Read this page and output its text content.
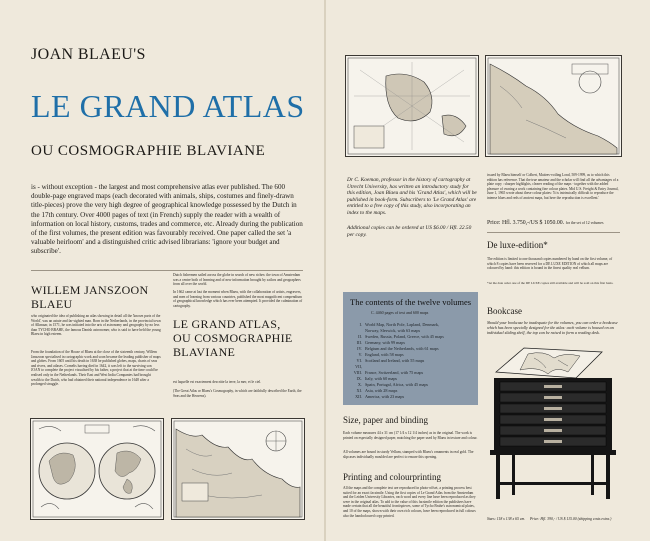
JOAN BLAEU'S
LE GRAND ATLAS
OU COSMOGRAPHIE BLAVIANE
is - without exception - the largest and most comprehensive atlas ever published. The 600 double-page engraved maps (each decorated with animals, ships, costumes and finely-drawn title-pieces) prove the very high degree of geographical knowledge possessed by the Dutch in the 17th century. Over 4000 pages of text (in French) supply the reader with a wealth of information on local history, customs, trades and commerce, etc. Already during the publication of the first volumes, the present edition was favourably received. One paper called the set 'a valuable heirloom' and a distinguished critic advised librarians: 'ignore your budget and subscribe'.
WILLEM JANSZOON
BLAEU
who originated the idea of publishing an atlas showing in detail all the 'known parts of the World', was an astute and far-sighted man. Born in the Netherlands, in the provincial town of Alkmaar, in 1571, he was initiated into the arts of astronomy and geography by no less than TYCHO BRAHE, the famous Danish astronomer, who is said to have held the young Blaeu in high esteem.
From the foundation of the House of Blaeu at the close of the sixteenth century, Willem Janszoon specialised in cartographic work and soon became the leading publisher of maps and globes. From 1605 until his death in 1638 he published globes, maps, charts of seas and rivers, and atlases. Cornelis having died in 1642, it was left to the surviving son JOAN to complete the project visualised by his father, a project that at the time could be realised only in the Netherlands. Their East and West India Companies had brought wealth to the Dutch, who had obtained their national independence in 1648 after a prolonged struggle.
Dutch fishermen sailed across the globe in search of new riches: the town of Amsterdam was a centre both of learning and of new information brought by sailors and geographers from all over the world.
In 1662 came at last the moment when Blaeu, with the collaboration of artists, engravers, and men of learning from various countries, published the most magnificent compendium of geographical knowledge which has ever been attempted. It provided the culmination of cartography.
LE GRAND ATLAS,
OU COSMOGRAPHIE
BLAVIANE
est laquelle est exactement descritte la terre, la mer, et le ciel.
(The Great Atlas or Blaeu's Cosmography, in which are faithfully described the Earth, the Seas and the Heavens).
Dr C. Koeman, professor in the history of cartography at Utrecht University, has written an introductory study for this edition, Joan Blaeu and his 'Grand Atlas', which will be published in book-form. Subscribers to 'Le Grand Atlas' are entitled to a free copy of this study, also incorporating an index to the maps.
Additional copies can be ordered at US $6.00 / Hfl. 22.50 per copy.
issued by Blaeu himself or Colbert, Maitres-voiling Lond, 509-1999, as to which this edition has reference. That the true amateur and the scholar will find all the advantages of a plate copy : sharper highlights, clearer reading of the maps - together with the added pleasure of owning a work containing fine colour plates. Mid U.S. Freight & Entry Journal, June 1, 1965 wrote about these colour plates: 'It is intrinsically difficult to reproduce the intense blues and reds of ancient maps, but here the reproduction is excellent.'
Price: Hfl. 3.750,-/US $ 1050.00. for the set of 12 volumes
De luxe-edition*
The edition is limited to one thousand copies numbered by hand on the first volume, of which 8 copies have been reserved for a DE LUXE EDITION of which all maps are coloured by hand: this edition is bound in the finest quality real vellum.
*At the date order one of the DE LUXE copies still available and will be sold on this first basis.
The contents of the twelve volumes
C. 4460 pages of text and 600 maps
I. World Map, North Pole, Lapland, Denmark,
Norway, Sleswick, with 63 maps
II. Sweden, Russia, Poland, Greece, with 45 maps
III. Germany, with 99 maps
IV. Belgium and the Netherlands, with 61 maps
V. England, with 58 maps
VI. Scotland and Ireland, with 55 maps
VII, VIII. France, Switzerland, with 75 maps
IX. Italy, with 60 maps
X. Spain, Portugal, Africa, with 45 maps
XI. Asia, with 28 maps
XII. America, with 23 maps
Size, paper and binding
Each volume measures 44 x 31 cm (17 1/4 x 12 1/4 inches) as in the original. The work is printed on especially designed paper, matching the paper used by Blaeu in texture and colour.
All volumes are bound in sturdy Vellum, stamped with Blaeu's ornaments in real gold. The slipcases individually moulded are perfect to ensure this opening.
Printing and colourprinting
All the maps and the complete text are reproduced in photo-offset, a printing process best suited for an exact facsimile. Using the first copies of Le Grand Atlas from the Amsterdam and the Leiden University Libraries, each word and every line have been reproduced as they were in the original atlas. To add to the value of this facsimile edition the publishers have made certain that all the beautiful frontispieces, some of Tycho Brahe's astronomical plates, and 10 of the maps, shown with their own rich colours, have been reproduced in full colours also the handcoloured copy printed.
Bookcase
Should your bookcase be inadequate for the volumes, you can order a bookcase which has been specially designed for the atlas: each volume is housed on an individual sliding shelf, the top can be raised to form a reading desk.
Sizes: 118 x 138 x 65 cm. Price: Hfl. 390,- / US $ 115.00 (shipping costs extra.)
